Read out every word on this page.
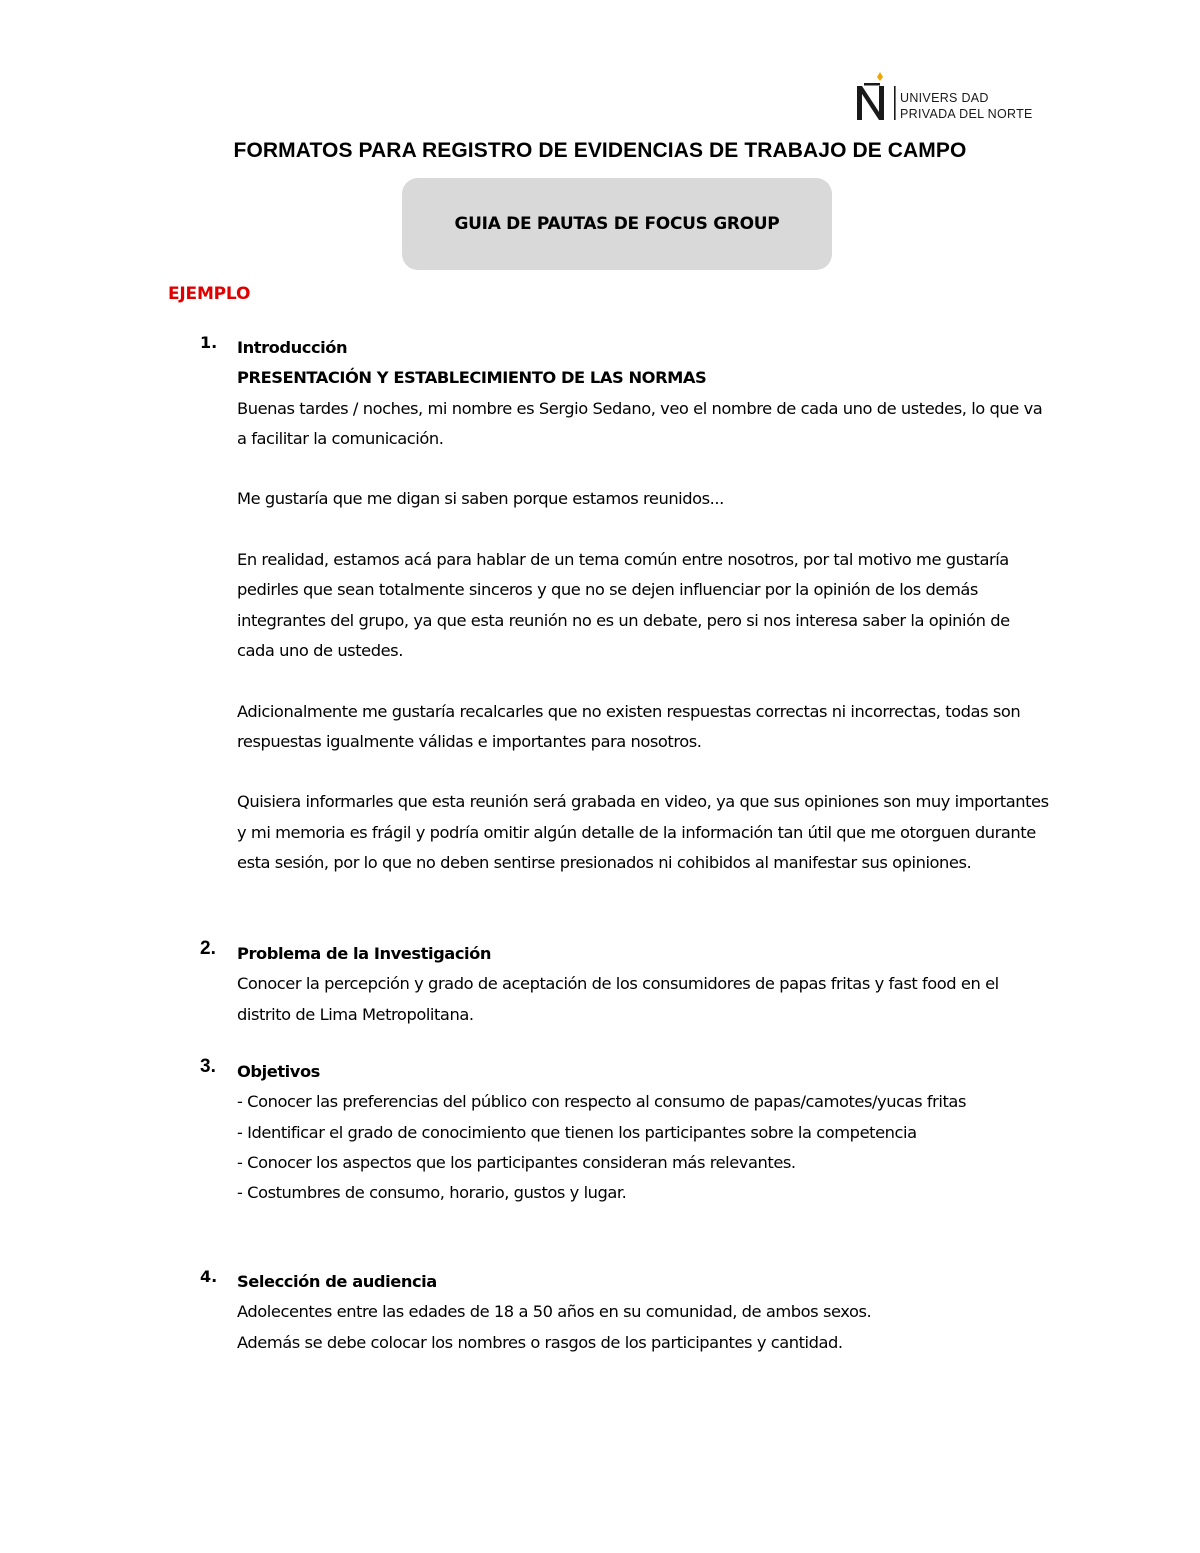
UNIVERS DAD
PRIVADA DEL NORTE
FORMATOS PARA REGISTRO DE EVIDENCIAS DE TRABAJO DE CAMPO
GUIA DE PAUTAS DE FOCUS GROUP
EJEMPLO
1. Introducción

PRESENTACIÓN Y ESTABLECIMIENTO DE LAS NORMAS

Buenas tardes / noches, mi nombre es Sergio Sedano, veo el nombre de cada uno de ustedes, lo que va a facilitar la comunicación.

Me gustaría que me digan si saben porque estamos reunidos...

En realidad, estamos acá para hablar de un tema común entre nosotros, por tal motivo me gustaría pedirles que sean totalmente sinceros y que no se dejen influenciar por la opinión de los demás integrantes del grupo, ya que esta reunión no es un debate, pero si nos interesa saber la opinión de cada uno de ustedes.

Adicionalmente me gustaría recalcarles que no existen respuestas correctas ni incorrectas, todas son respuestas igualmente válidas e importantes para nosotros.

Quisiera informarles que esta reunión será grabada en video, ya que sus opiniones son muy importantes y mi memoria es frágil y podría omitir algún detalle de la información tan útil que me otorguen durante esta sesión, por lo que no deben sentirse presionados ni cohibidos al manifestar sus opiniones.

2. Problema de la Investigación

Conocer la percepción y grado de aceptación de los consumidores de papas fritas y fast food en el distrito de Lima Metropolitana.

3. Objetivos

- Conocer las preferencias del público con respecto al consumo de papas/camotes/yucas fritas

- Identificar el grado de conocimiento que tienen los participantes sobre la competencia

- Conocer los aspectos que los participantes consideran más relevantes.

- Costumbres de consumo, horario, gustos y lugar.

4. Selección de audiencia

Adolecentes entre las edades de 18 a 50 años en su comunidad, de ambos sexos.

Además se debe colocar los nombres o rasgos de los participantes y cantidad.
